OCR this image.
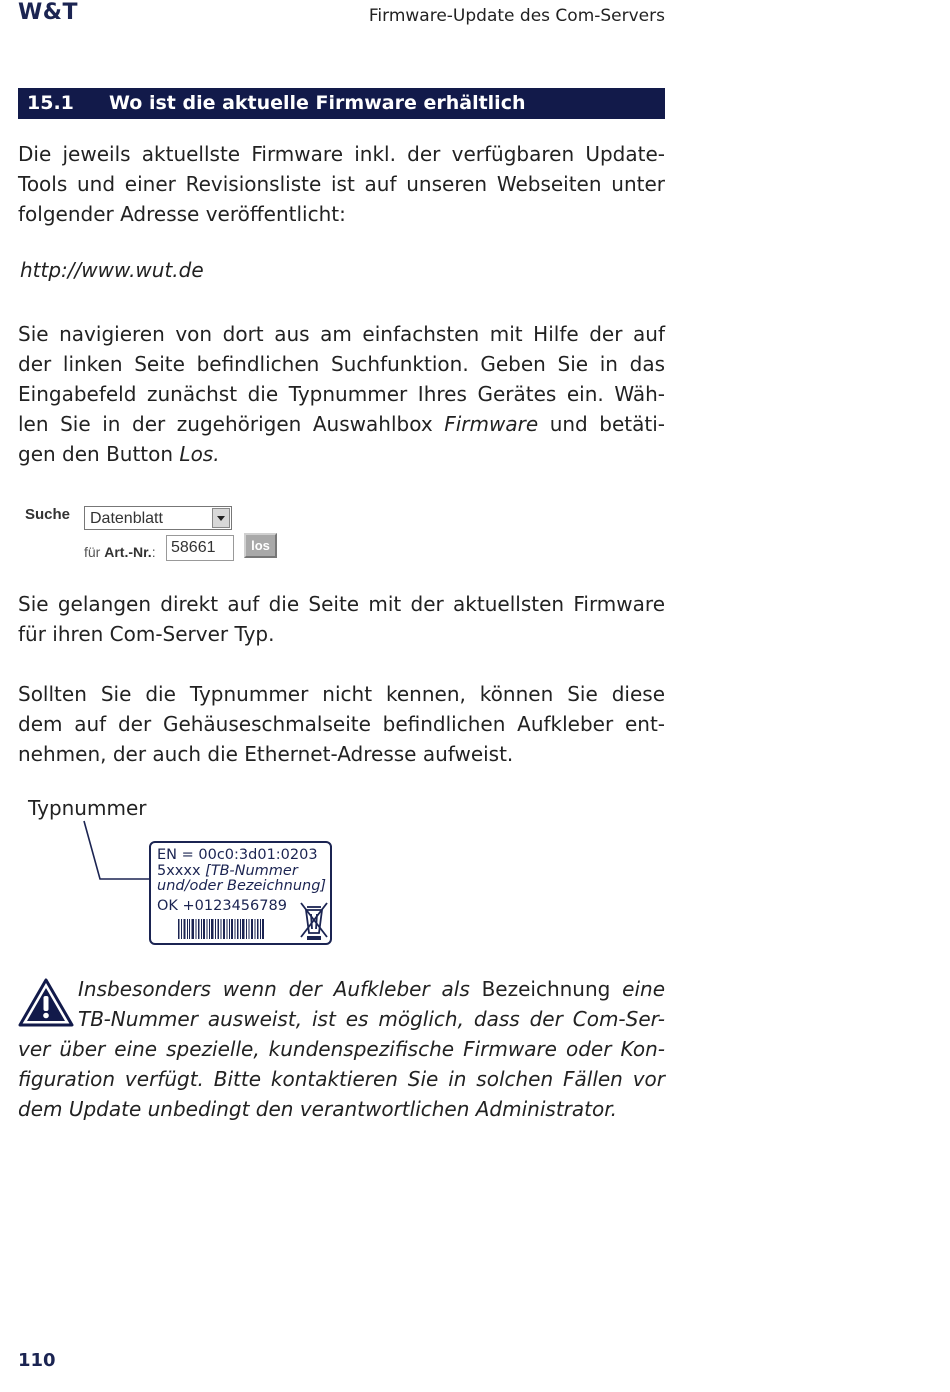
W&T	Firmware-Update des Com-Servers
15.1 Wo ist die aktuelle Firmware erhältlich
Die jeweils aktuellste Firmware inkl. der verfügbaren Update-
Tools und einer Revisionsliste ist auf unseren Webseiten unter
folgender Adresse veröffentlicht:
http://www.wut.de
Sie navigieren von dort aus am einfachsten mit Hilfe der auf
der linken Seite befindlichen Suchfunktion. Geben Sie in das
Eingabefeld zunächst die Typnummer Ihres Gerätes ein. Wäh-
len Sie in der zugehörigen Auswahlbox Firmware und betäti-
gen den Button Los.
Suche	Datenblatt
für Art.-Nr.: 58661	los
Sie gelangen direkt auf die Seite mit der aktuellsten Firmware
für ihren Com-Server Typ.
Sollten Sie die Typnummer nicht kennen, können Sie diese
dem auf der Gehäuseschmalseite befindlichen Aufkleber ent-
nehmen, der auch die Ethernet-Adresse aufweist.
Typnummer
EN = 00c0:3d01:0203
5xxxx [TB-Nummer
und/oder Bezeichnung]
OK +0123456789
Insbesonders wenn der Aufkleber als Bezeichnung eine
TB-Nummer ausweist, ist es möglich, dass der Com-Ser-
ver über eine spezielle, kundenspezifische Firmware oder Kon-
figuration verfügt. Bitte kontaktieren Sie in solchen Fällen vor
dem Update unbedingt den verantwortlichen Administrator.
110
